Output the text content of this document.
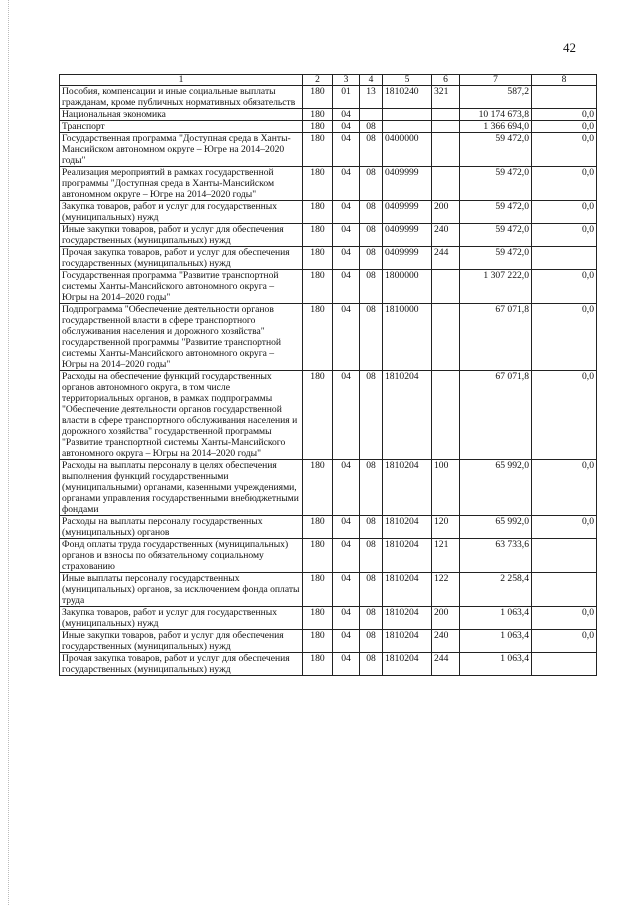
42
1	2	3	4	5	6	7	8
Пособия, компенсации и иные социальные выплаты гражданам, кроме публичных нормативных обязательств	180	01	13	1810240	321	587,2	
Национальная экономика	180	04				10 174 673,8	0,0
Транспорт	180	04	08			1 366 694,0	0,0
Государственная программа "Доступная среда в Ханты-Мансийском автономном округе – Югре на 2014–2020 годы"	180	04	08	0400000		59 472,0	0,0
Реализация мероприятий в рамках государственной программы "Доступная среда в Ханты-Мансийском автономном округе – Югре на 2014–2020 годы"	180	04	08	0409999		59 472,0	0,0
Закупка товаров, работ и услуг для государственных (муниципальных) нужд	180	04	08	0409999	200	59 472,0	0,0
Иные закупки товаров, работ и услуг для обеспечения государственных (муниципальных) нужд	180	04	08	0409999	240	59 472,0	0,0
Прочая закупка товаров, работ и услуг для обеспечения государственных (муниципальных) нужд	180	04	08	0409999	244	59 472,0	
Государственная программа "Развитие транспортной системы Ханты-Мансийского автономного округа – Югры на 2014–2020 годы"	180	04	08	1800000		1 307 222,0	0,0
Подпрограмма "Обеспечение деятельности органов государственной власти в сфере транспортного обслуживания населения и дорожного хозяйства" государственной программы "Развитие транспортной системы Ханты-Мансийского автономного округа – Югры на 2014–2020 годы"	180	04	08	1810000		67 071,8	0,0
Расходы на обеспечение функций государственных органов автономного округа, в том числе территориальных органов, в рамках подпрограммы "Обеспечение деятельности органов государственной власти в сфере транспортного обслуживания населения и дорожного хозяйства" государственной программы "Развитие транспортной системы Ханты-Мансийского автономного округа – Югры на 2014–2020 годы"	180	04	08	1810204		67 071,8	0,0
Расходы на выплаты персоналу в целях обеспечения выполнения функций государственными (муниципальными) органами, казенными учреждениями, органами управления государственными внебюджетными фондами	180	04	08	1810204	100	65 992,0	0,0
Расходы на выплаты персоналу государственных (муниципальных) органов	180	04	08	1810204	120	65 992,0	0,0
Фонд оплаты труда государственных (муниципальных) органов и взносы по обязательному социальному страхованию	180	04	08	1810204	121	63 733,6	
Иные выплаты персоналу государственных (муниципальных) органов, за исключением фонда оплаты труда	180	04	08	1810204	122	2 258,4	
Закупка товаров, работ и услуг для государственных (муниципальных) нужд	180	04	08	1810204	200	1 063,4	0,0
Иные закупки товаров, работ и услуг для обеспечения государственных (муниципальных) нужд	180	04	08	1810204	240	1 063,4	0,0
Прочая закупка товаров, работ и услуг для обеспечения государственных (муниципальных) нужд	180	04	08	1810204	244	1 063,4	
